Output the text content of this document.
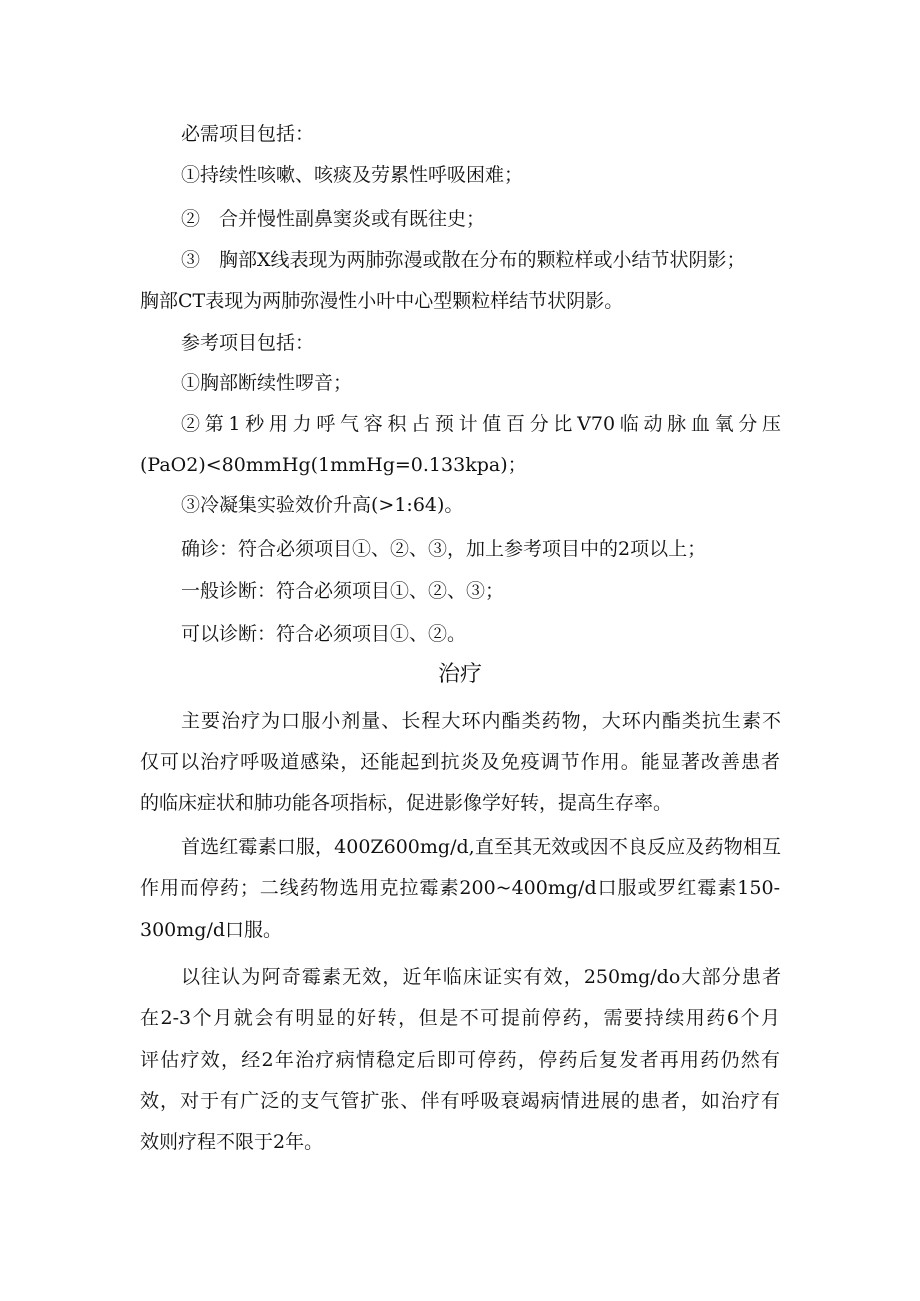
必需项目包括：
①持续性咳嗽、咳痰及劳累性呼吸困难；
②　合并慢性副鼻窦炎或有既往史；
③　胸部X线表现为两肺弥漫或散在分布的颗粒样或小结节状阴影；
胸部CT表现为两肺弥漫性小叶中心型颗粒样结节状阴影。
参考项目包括：
①胸部断续性啰音；
②第1秒用力呼气容积占预计值百分比V70临动脉血氧分压
(PaO2)<80mmHg(1mmHg=0.133kpa)；
③冷凝集实验效价升高(>1:64)。
确诊：符合必须项目①、②、③，加上参考项目中的2项以上；
一般诊断：符合必须项目①、②、③；
可以诊断：符合必须项目①、②。
治疗
主要治疗为口服小剂量、长程大环内酯类药物，大环内酯类抗生素不
仅可以治疗呼吸道感染，还能起到抗炎及免疫调节作用。能显著改善患者
的临床症状和肺功能各项指标，促进影像学好转，提高生存率。
首选红霉素口服，400Z600mg/d,直至其无效或因不良反应及药物相互
作用而停药；二线药物选用克拉霉素200~400mg/d口服或罗红霉素150-
300mg/d口服。
以往认为阿奇霉素无效，近年临床证实有效，250mg/do大部分患者
在2-3个月就会有明显的好转，但是不可提前停药，需要持续用药6个月
评估疗效，经2年治疗病情稳定后即可停药，停药后复发者再用药仍然有
效，对于有广泛的支气管扩张、伴有呼吸衰竭病情进展的患者，如治疗有
效则疗程不限于2年。
